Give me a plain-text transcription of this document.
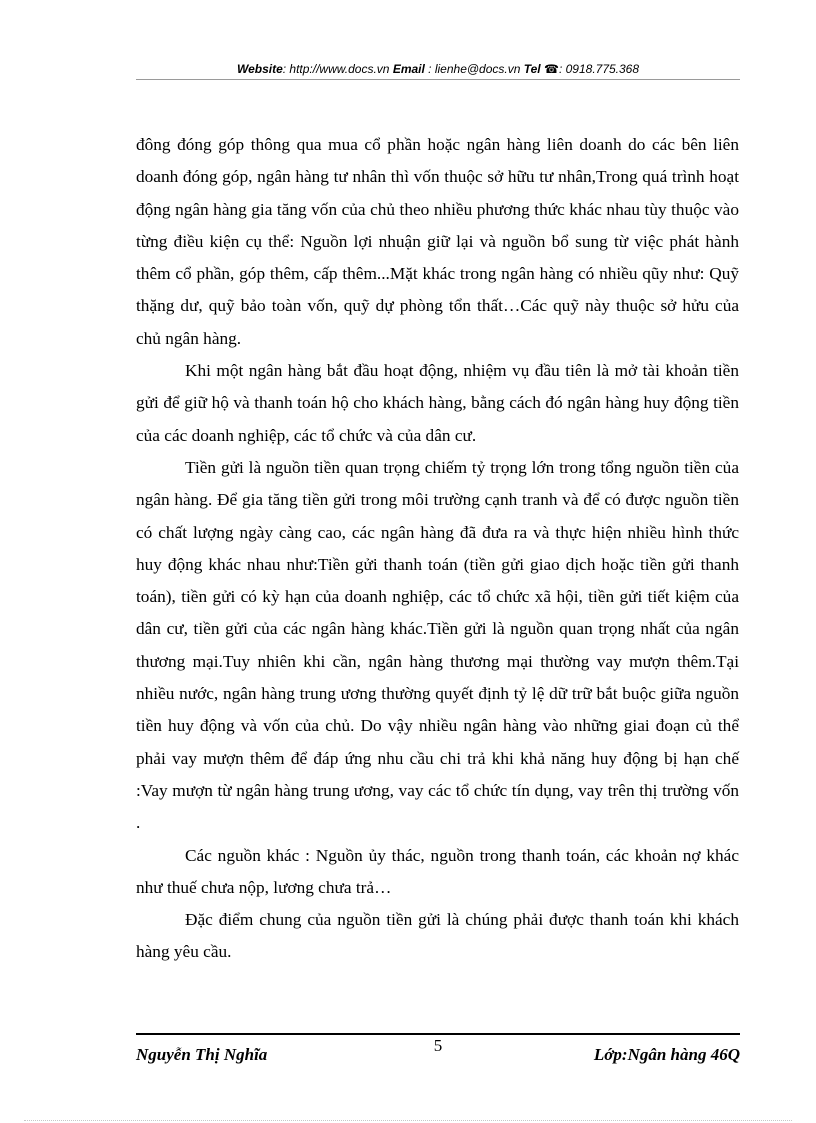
Website: http://www.docs.vn Email : lienhe@docs.vn Tel ☎: 0918.775.368

đông đóng góp thông qua mua cổ phần hoặc ngân hàng liên doanh do các bên liên doanh đóng góp, ngân hàng tư nhân thì vốn thuộc sở hữu tư nhân,Trong quá trình hoạt động ngân hàng gia tăng vốn của chủ theo nhiều phương thức khác nhau tùy thuộc vào từng điều kiện cụ thể: Nguồn lợi nhuận giữ lại và nguồn bổ sung từ việc phát hành thêm cổ phần, góp thêm, cấp thêm...Mặt khác trong ngân hàng có nhiều qũy như: Quỹ thặng dư, quỹ bảo toàn vốn, quỹ dự phòng tổn thất…Các quỹ này thuộc sở hửu của chủ ngân hàng.

Khi một ngân hàng bắt đầu hoạt động, nhiệm vụ đầu tiên là mở tài khoản tiền gửi để giữ hộ và thanh toán hộ cho khách hàng, bằng cách đó ngân hàng huy động tiền của các doanh nghiệp, các tổ chức và của dân cư.

Tiền gửi là nguồn tiền quan trọng chiếm tỷ trọng lớn trong tổng nguồn tiền của ngân hàng. Để gia tăng tiền gửi trong môi trường cạnh tranh và để có được nguồn tiền có chất lượng ngày càng cao, các ngân hàng đã đưa ra và thực hiện nhiều hình thức huy động khác nhau như:Tiền gửi thanh toán (tiền gửi giao dịch hoặc tiền gửi thanh toán), tiền gửi có kỳ hạn của doanh nghiệp, các tổ chức xã hội, tiền gửi tiết kiệm của dân cư, tiền gửi của các ngân hàng khác.Tiền gửi là nguồn quan trọng nhất của ngân thương mại.Tuy nhiên khi cần, ngân hàng thương mại thường vay mượn thêm.Tại nhiều nước, ngân hàng trung ương thường quyết định tỷ lệ dữ trữ bắt buộc giữa nguồn tiền huy động và vốn của chủ. Do vậy nhiều ngân hàng vào những giai đoạn củ thể phải vay mượn thêm để đáp ứng nhu cầu chi trả khi khả năng huy động bị hạn chế :Vay mượn từ ngân hàng trung ương, vay các tổ chức tín dụng, vay trên thị trường vốn .

Các nguồn khác : Nguồn ủy thác, nguồn trong thanh toán, các khoản nợ khác như thuế chưa nộp, lương chưa trả…

Đặc điểm chung của nguồn tiền gửi là chúng phải được thanh toán khi khách hàng yêu cầu.

5
Nguyễn Thị Nghĩa	Lớp:Ngân hàng 46Q
